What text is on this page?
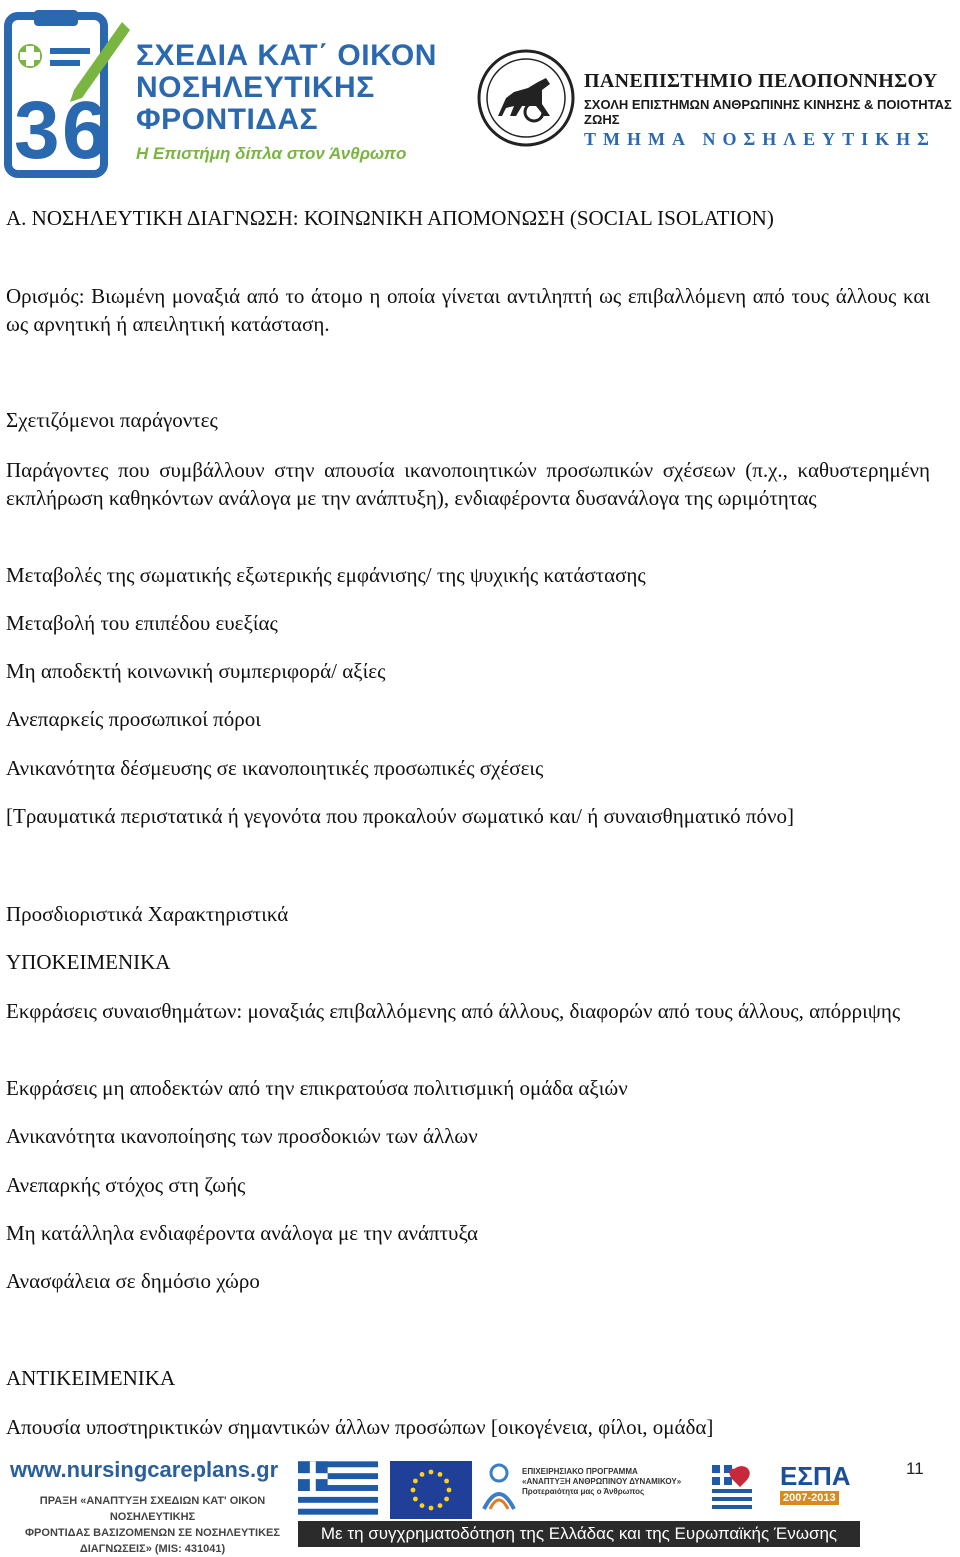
3 6
ΣΧΕΔΙΑ ΚΑΤ΄ ΟΙΚΟΝ
ΝΟΣΗΛΕΥΤΙΚΗΣ
ΦΡΟΝΤΙΔΑΣ
Η Επιστήμη δίπλα στον Άνθρωπο
ΠΑΝΕΠΙΣΤΗΜΙΟ ΠΕΛΟΠΟΝΝΗΣΟΥ
ΣΧΟΛΗ ΕΠΙΣΤΗΜΩΝ ΑΝΘΡΩΠΙΝΗΣ ΚΙΝΗΣΗΣ & ΠΟΙΟΤΗΤΑΣ ΖΩΗΣ
ΤΜΗΜΑ ΝΟΣΗΛΕΥΤΙΚΗΣ

Α. ΝΟΣΗΛΕΥΤΙΚΗ ΔΙΑΓΝΩΣΗ: ΚΟΙΝΩΝΙΚΗ ΑΠΟΜΟΝΩΣΗ (SOCIAL ISOLATION)

Ορισμός: Βιωμένη μοναξιά από το άτομο η οποία γίνεται αντιληπτή ως επιβαλλόμενη από τους άλλους και ως αρνητική ή απειλητική κατάσταση.

Σχετιζόμενοι παράγοντες

Παράγοντες που συμβάλλουν στην απουσία ικανοποιητικών προσωπικών σχέσεων (π.χ., καθυστερημένη εκπλήρωση καθηκόντων ανάλογα με την ανάπτυξη), ενδιαφέροντα δυσανάλογα της ωριμότητας

Μεταβολές της σωματικής εξωτερικής εμφάνισης/ της ψυχικής κατάστασης

Μεταβολή του επιπέδου ευεξίας

Μη αποδεκτή κοινωνική συμπεριφορά/ αξίες

Ανεπαρκείς προσωπικοί πόροι

Ανικανότητα δέσμευσης σε ικανοποιητικές προσωπικές σχέσεις

[Τραυματικά περιστατικά ή γεγονότα που προκαλούν σωματικό και/ ή συναισθηματικό πόνο]

Προσδιοριστικά Χαρακτηριστικά

ΥΠΟΚΕΙΜΕΝΙΚΑ

Εκφράσεις συναισθημάτων: μοναξιάς επιβαλλόμενης από άλλους, διαφορών από τους άλλους, απόρριψης

Εκφράσεις μη αποδεκτών από την επικρατούσα πολιτισμική ομάδα αξιών

Ανικανότητα ικανοποίησης των προσδοκιών των άλλων

Ανεπαρκής στόχος στη ζωής

Μη κατάλληλα ενδιαφέροντα ανάλογα με την ανάπτυξα

Ανασφάλεια σε δημόσιο χώρο

ΑΝΤΙΚΕΙΜΕΝΙΚΑ

Απουσία υποστηρικτικών σημαντικών άλλων προσώπων [οικογένεια, φίλοι, ομάδα]

www.nursingcareplans.gr
ΠΡΑΞΗ «ΑΝΑΠΤΥΞΗ ΣΧΕΔΙΩΝ ΚΑΤ' ΟΙΚΟΝ ΝΟΣΗΛΕΥΤΙΚΗΣ
ΦΡΟΝΤΙΔΑΣ ΒΑΣΙΖΟΜΕΝΩΝ ΣΕ ΝΟΣΗΛΕΥΤΙΚΕΣ
ΔΙΑΓΝΩΣΕΙΣ» (MIS: 431041)
ΕΠΙΧΕΙΡΗΣΙΑΚΟ ΠΡΟΓΡΑΜΜΑ
«ΑΝΑΠΤΥΞΗ ΑΝΘΡΩΠΙΝΟΥ ΔΥΝΑΜΙΚΟΥ»
Προτεραιότητα μας ο Άνθρωπος
ΕΣΠΑ
2007-2013
11
Με τη συγχρηματοδότηση της Ελλάδας και της Ευρωπαϊκής Ένωσης
